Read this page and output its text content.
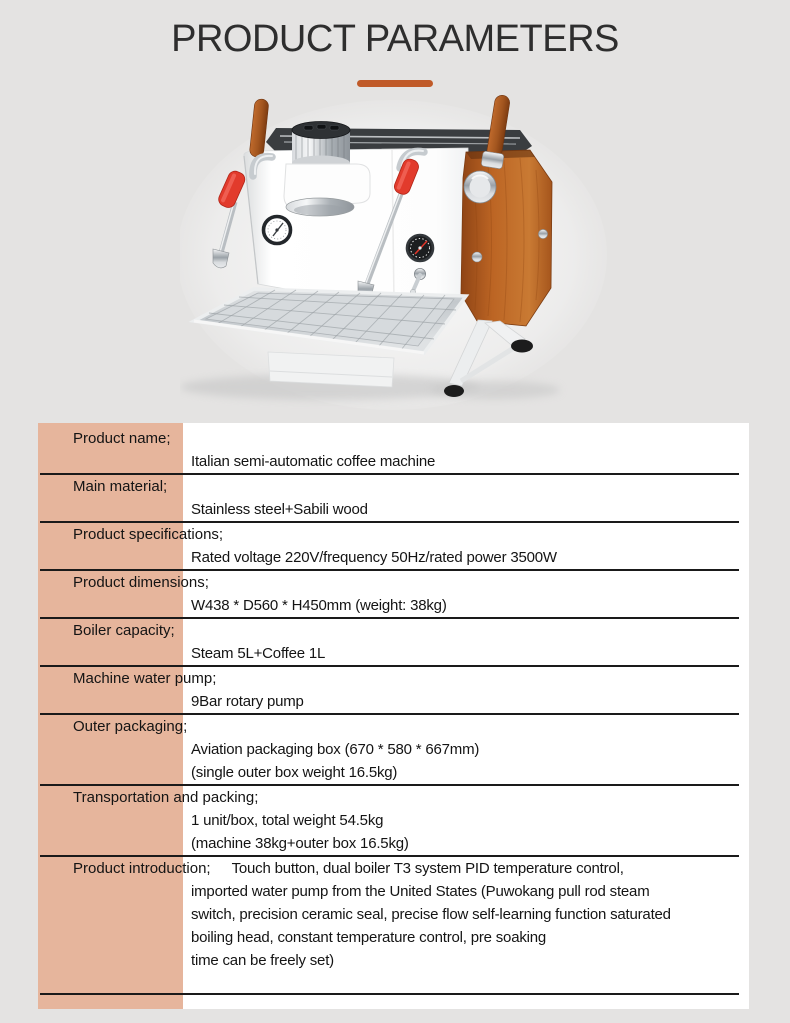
PRODUCT PARAMETERS
Product name;
Italian semi-automatic coffee machine
Main material;
Stainless steel+Sabili wood
Product specifications;
Rated voltage 220V/frequency 50Hz/rated power 3500W
Product dimensions;
W438 * D560 * H450mm (weight: 38kg)
Boiler capacity;
Steam 5L+Coffee 1L
Machine water pump;
9Bar rotary pump
Outer packaging;
Aviation packaging box (670 * 580 * 667mm)
(single outer box weight 16.5kg)
Transportation and packing;
1 unit/box, total weight 54.5kg
(machine 38kg+outer box 16.5kg)
Product introduction; Touch button, dual boiler T3 system PID temperature control,
imported water pump from the United States (Puwokang pull rod steam
switch, precision ceramic seal, precise flow self-learning function saturated
boiling head, constant temperature control, pre soaking
time can be freely set)
